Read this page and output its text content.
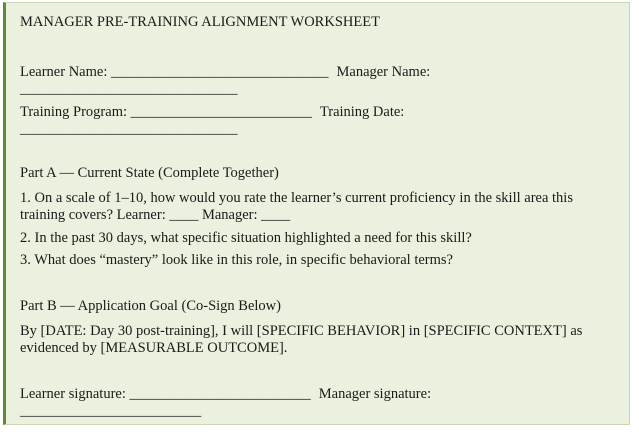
MANAGER PRE-TRAINING ALIGNMENT WORKSHEET
Learner Name: ______________________________ Manager Name:
______________________________
Training Program: _________________________ Training Date:
______________________________
Part A — Current State (Complete Together)
1. On a scale of 1–10, how would you rate the learner’s current proficiency in the skill area this training covers? Learner: ____ Manager: ____
2. In the past 30 days, what specific situation highlighted a need for this skill?
3. What does “mastery” look like in this role, in specific behavioral terms?
Part B — Application Goal (Co-Sign Below)
By [DATE: Day 30 post-training], I will [SPECIFIC BEHAVIOR] in [SPECIFIC CONTEXT] as evidenced by [MEASURABLE OUTCOME].
Learner signature: _________________________ Manager signature:
_________________________
